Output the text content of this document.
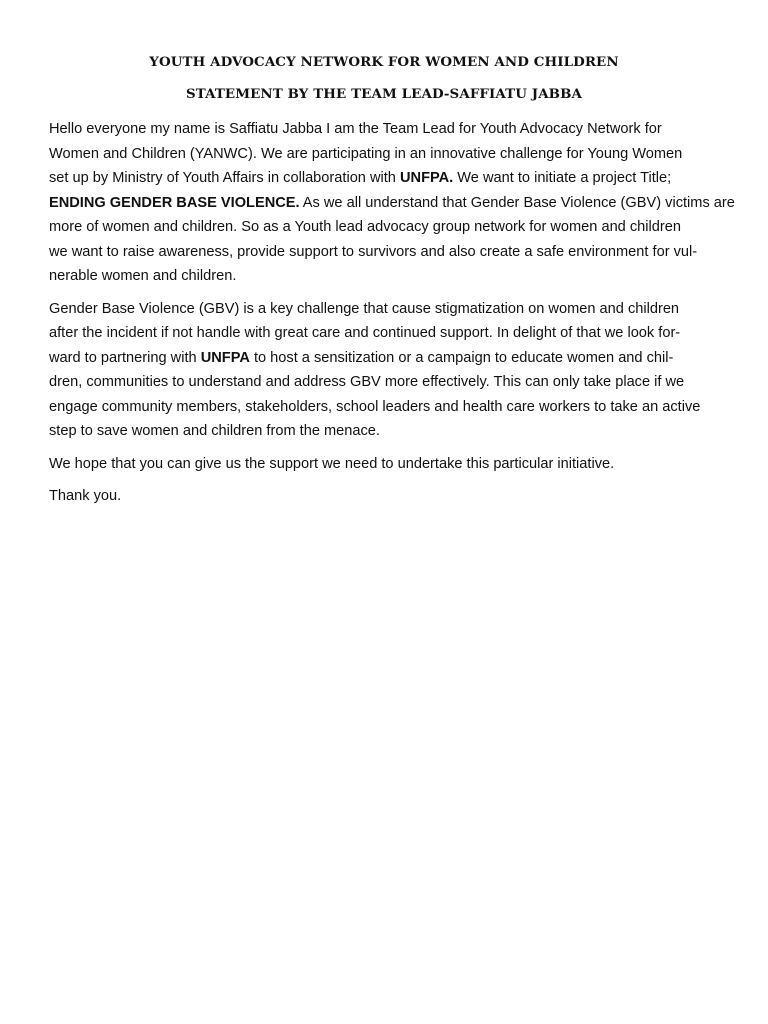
YOUTH ADVOCACY NETWORK FOR WOMEN AND CHILDREN
STATEMENT BY THE TEAM LEAD-SAFFIATU JABBA

Hello everyone my name is Saffiatu Jabba I am the Team Lead for Youth Advocacy Network for
Women and Children (YANWC). We are participating in an innovative challenge for Young Women
set up by Ministry of Youth Affairs in collaboration with UNFPA. We want to initiate a project Title;
ENDING GENDER BASE VIOLENCE. As we all understand that Gender Base Violence (GBV) victims are
more of women and children. So as a Youth lead advocacy group network for women and children
we want to raise awareness, provide support to survivors and also create a safe environment for vul-
nerable women and children.

Gender Base Violence (GBV) is a key challenge that cause stigmatization on women and children
after the incident if not handle with great care and continued support. In delight of that we look for-
ward to partnering with UNFPA to host a sensitization or a campaign to educate women and chil-
dren, communities to understand and address GBV more effectively. This can only take place if we
engage community members, stakeholders, school leaders and health care workers to take an active
step to save women and children from the menace.

We hope that you can give us the support we need to undertake this particular initiative.

Thank you.
